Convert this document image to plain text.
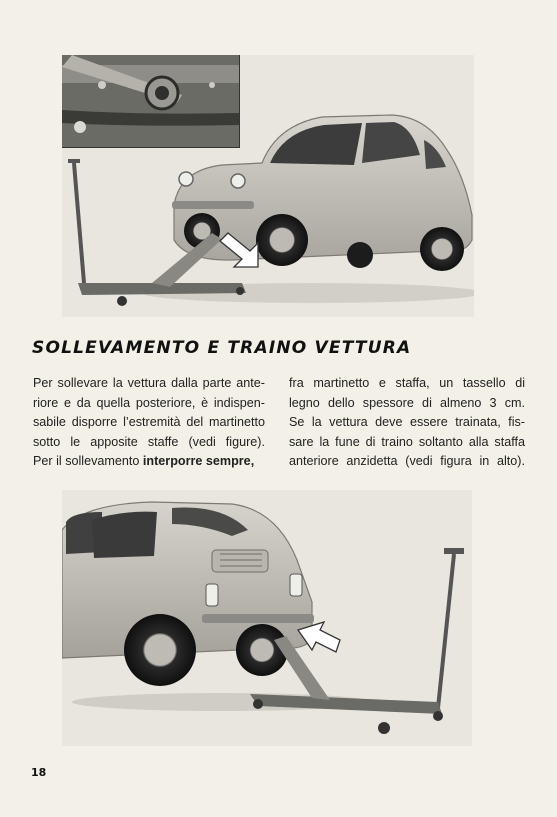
SOLLEVAMENTO E TRAINO VETTURA
Per sollevare la vettura dalla parte ante-
riore e da quella posteriore, è indispen-
sabile disporre l’estremità del martinetto
sotto le apposite staffe (vedi figure).
Per il sollevamento interporre sempre,
fra martinetto e staffa, un tassello di
legno dello spessore di almeno 3 cm.
Se la vettura deve essere trainata, fis-
sare la fune di traino soltanto alla staffa
anteriore anzidetta (vedi figura in alto).
18
